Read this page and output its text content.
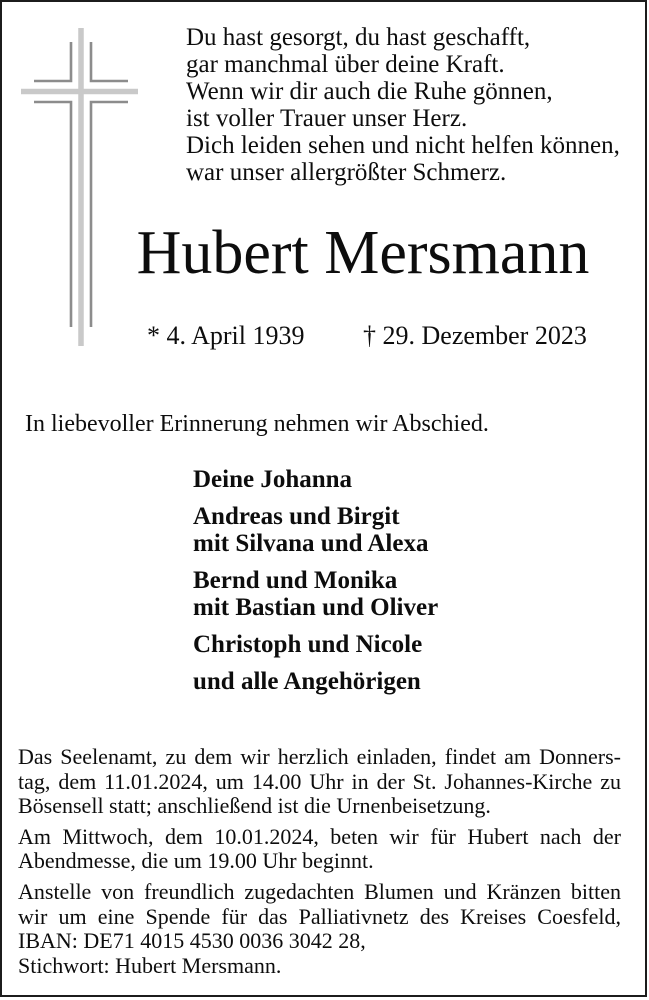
Du hast gesorgt, du hast geschafft,
gar manchmal über deine Kraft.
Wenn wir dir auch die Ruhe gönnen,
ist voller Trauer unser Herz.
Dich leiden sehen und nicht helfen können,
war unser allergrößter Schmerz.
Hubert Mersmann
* 4. April 1939 † 29. Dezember 2023
In liebevoller Erinnerung nehmen wir Abschied.
Deine Johanna
Andreas und Birgit
mit Silvana und Alexa
Bernd und Monika
mit Bastian und Oliver
Christoph und Nicole
und alle Angehörigen
Das Seelenamt, zu dem wir herzlich einladen, findet am Donners-
tag, dem 11.01.2024, um 14.00 Uhr in der St. Johannes-Kirche zu
Bösensell statt; anschließend ist die Urnenbeisetzung.
Am Mittwoch, dem 10.01.2024, beten wir für Hubert nach der
Abendmesse, die um 19.00 Uhr beginnt.
Anstelle von freundlich zugedachten Blumen und Kränzen bitten
wir um eine Spende für das Palliativnetz des Kreises Coesfeld,
IBAN: DE71 4015 4530 0036 3042 28,
Stichwort: Hubert Mersmann.
